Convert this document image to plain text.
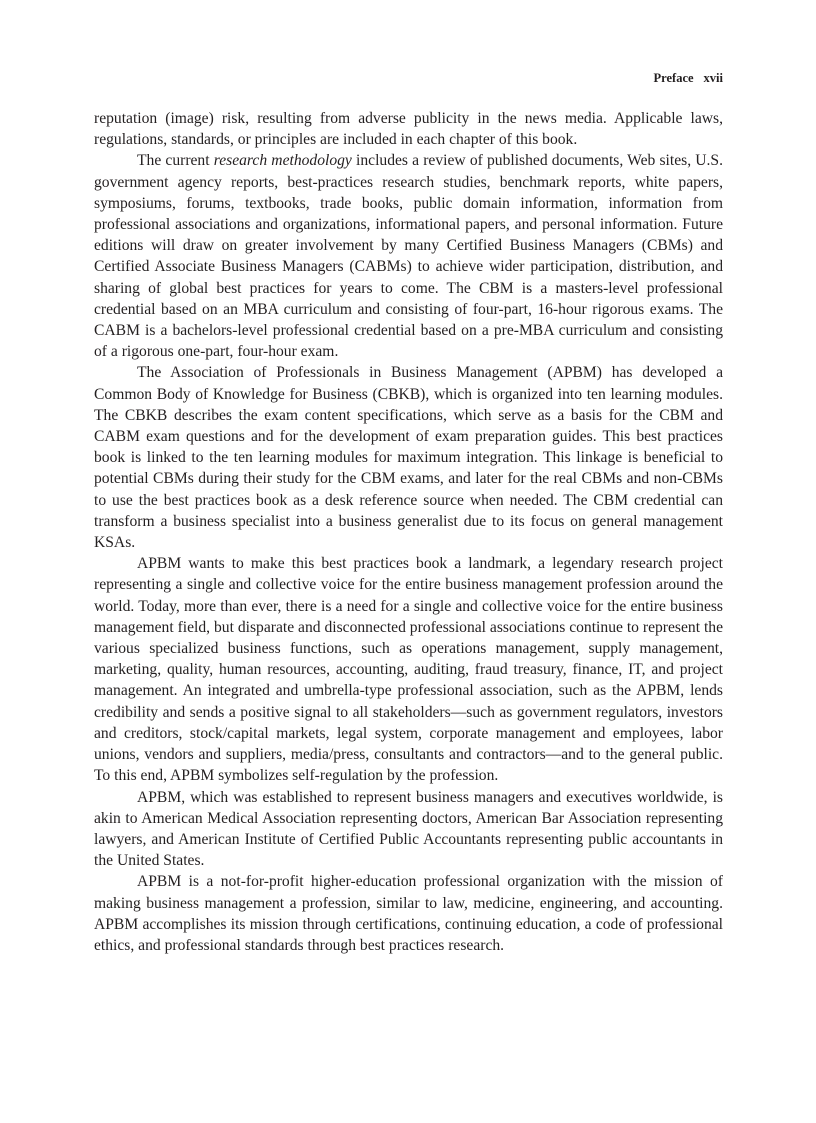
Preface xvii

reputation (image) risk, resulting from adverse publicity in the news media. Applicable laws, regulations, standards, or principles are included in each chapter of this book.

The current research methodology includes a review of published documents, Web sites, U.S. government agency reports, best-practices research studies, benchmark reports, white papers, symposiums, forums, textbooks, trade books, public domain information, information from professional associations and organizations, informational papers, and personal information. Future editions will draw on greater involvement by many Certified Business Managers (CBMs) and Certified Associate Business Managers (CABMs) to achieve wider participation, distribution, and sharing of global best practices for years to come. The CBM is a masters-level professional credential based on an MBA curriculum and consisting of four-part, 16-hour rigorous exams. The CABM is a bachelors-level professional credential based on a pre-MBA curriculum and consisting of a rigorous one-part, four-hour exam.

The Association of Professionals in Business Management (APBM) has developed a Common Body of Knowledge for Business (CBKB), which is organized into ten learning modules. The CBKB describes the exam content specifications, which serve as a basis for the CBM and CABM exam questions and for the development of exam preparation guides. This best practices book is linked to the ten learning modules for maximum integration. This linkage is beneficial to potential CBMs during their study for the CBM exams, and later for the real CBMs and non-CBMs to use the best practices book as a desk reference source when needed. The CBM credential can transform a business specialist into a business generalist due to its focus on general management KSAs.

APBM wants to make this best practices book a landmark, a legendary research project representing a single and collective voice for the entire business management profession around the world. Today, more than ever, there is a need for a single and collective voice for the entire business management field, but disparate and disconnected professional associations continue to represent the various specialized business functions, such as operations management, supply management, marketing, quality, human resources, accounting, auditing, fraud treasury, finance, IT, and project management. An integrated and umbrella-type professional association, such as the APBM, lends credibility and sends a positive signal to all stakeholders—such as government regulators, investors and creditors, stock/capital markets, legal system, corporate management and employees, labor unions, vendors and suppliers, media/press, consultants and contractors—and to the general public. To this end, APBM symbolizes self-regulation by the profession.

APBM, which was established to represent business managers and executives worldwide, is akin to American Medical Association representing doctors, American Bar Association representing lawyers, and American Institute of Certified Public Accountants representing public accountants in the United States.

APBM is a not-for-profit higher-education professional organization with the mission of making business management a profession, similar to law, medicine, engineering, and accounting. APBM accomplishes its mission through certifications, continuing education, a code of professional ethics, and professional standards through best practices research.
